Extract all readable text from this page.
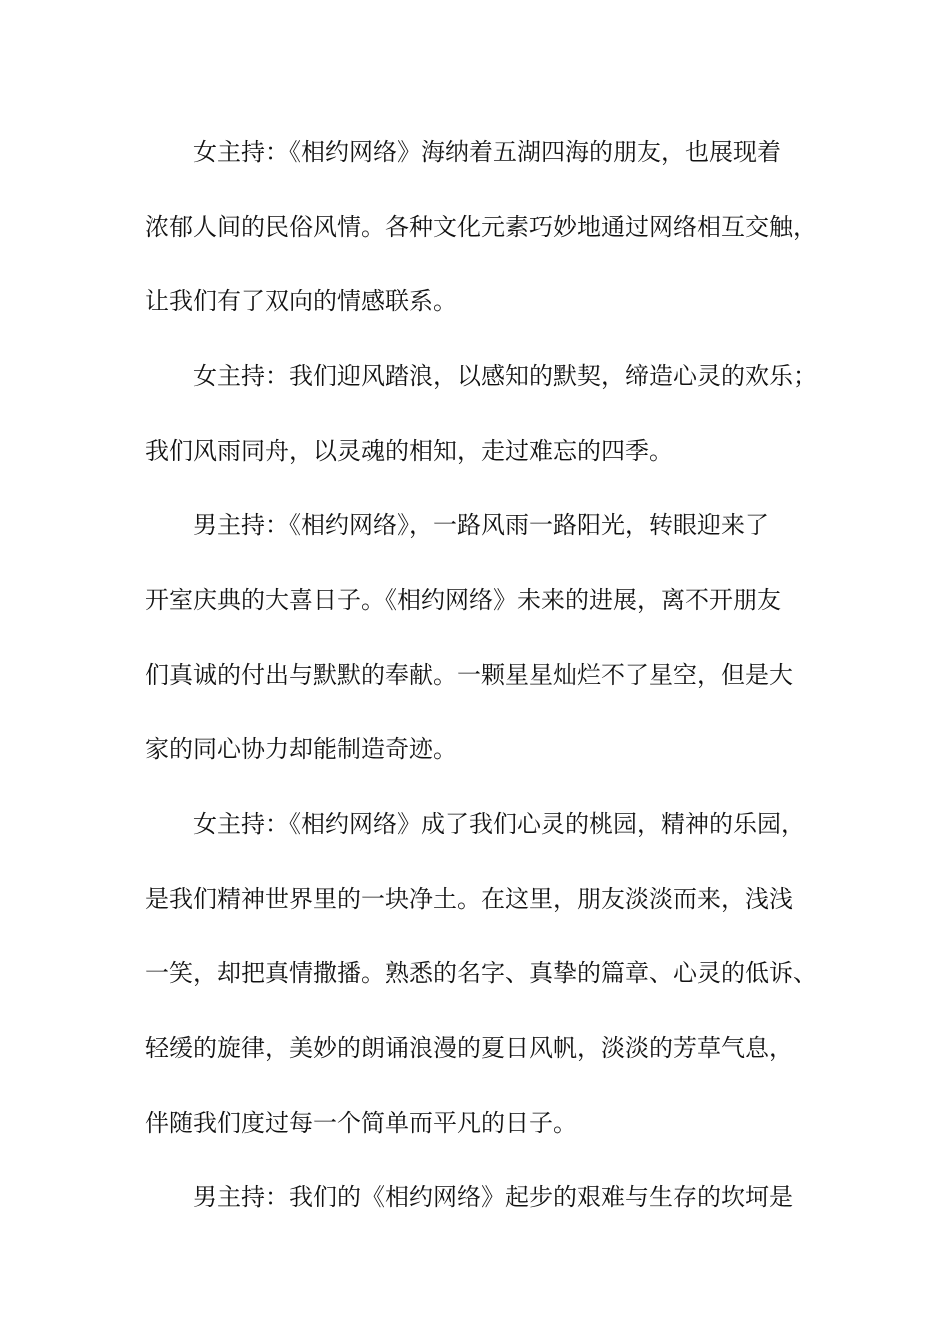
女主持：《相约网络》海纳着五湖四海的朋友，也展现着
浓郁人间的民俗风情。各种文化元素巧妙地通过网络相互交触，
让我们有了双向的情感联系。
女主持：我们迎风踏浪，以感知的默契，缔造心灵的欢乐；
我们风雨同舟，以灵魂的相知，走过难忘的四季。
男主持：《相约网络》，一路风雨一路阳光，转眼迎来了
开室庆典的大喜日子。《相约网络》未来的进展，离不开朋友
们真诚的付出与默默的奉献。一颗星星灿烂不了星空，但是大
家的同心协力却能制造奇迹。
女主持：《相约网络》成了我们心灵的桃园，精神的乐园，
是我们精神世界里的一块净土。在这里，朋友淡淡而来，浅浅
一笑，却把真情撒播。熟悉的名字、真挚的篇章、心灵的低诉、
轻缓的旋律，美妙的朗诵浪漫的夏日风帆，淡淡的芳草气息，
伴随我们度过每一个简单而平凡的日子。
男主持：我们的《相约网络》起步的艰难与生存的坎坷是
